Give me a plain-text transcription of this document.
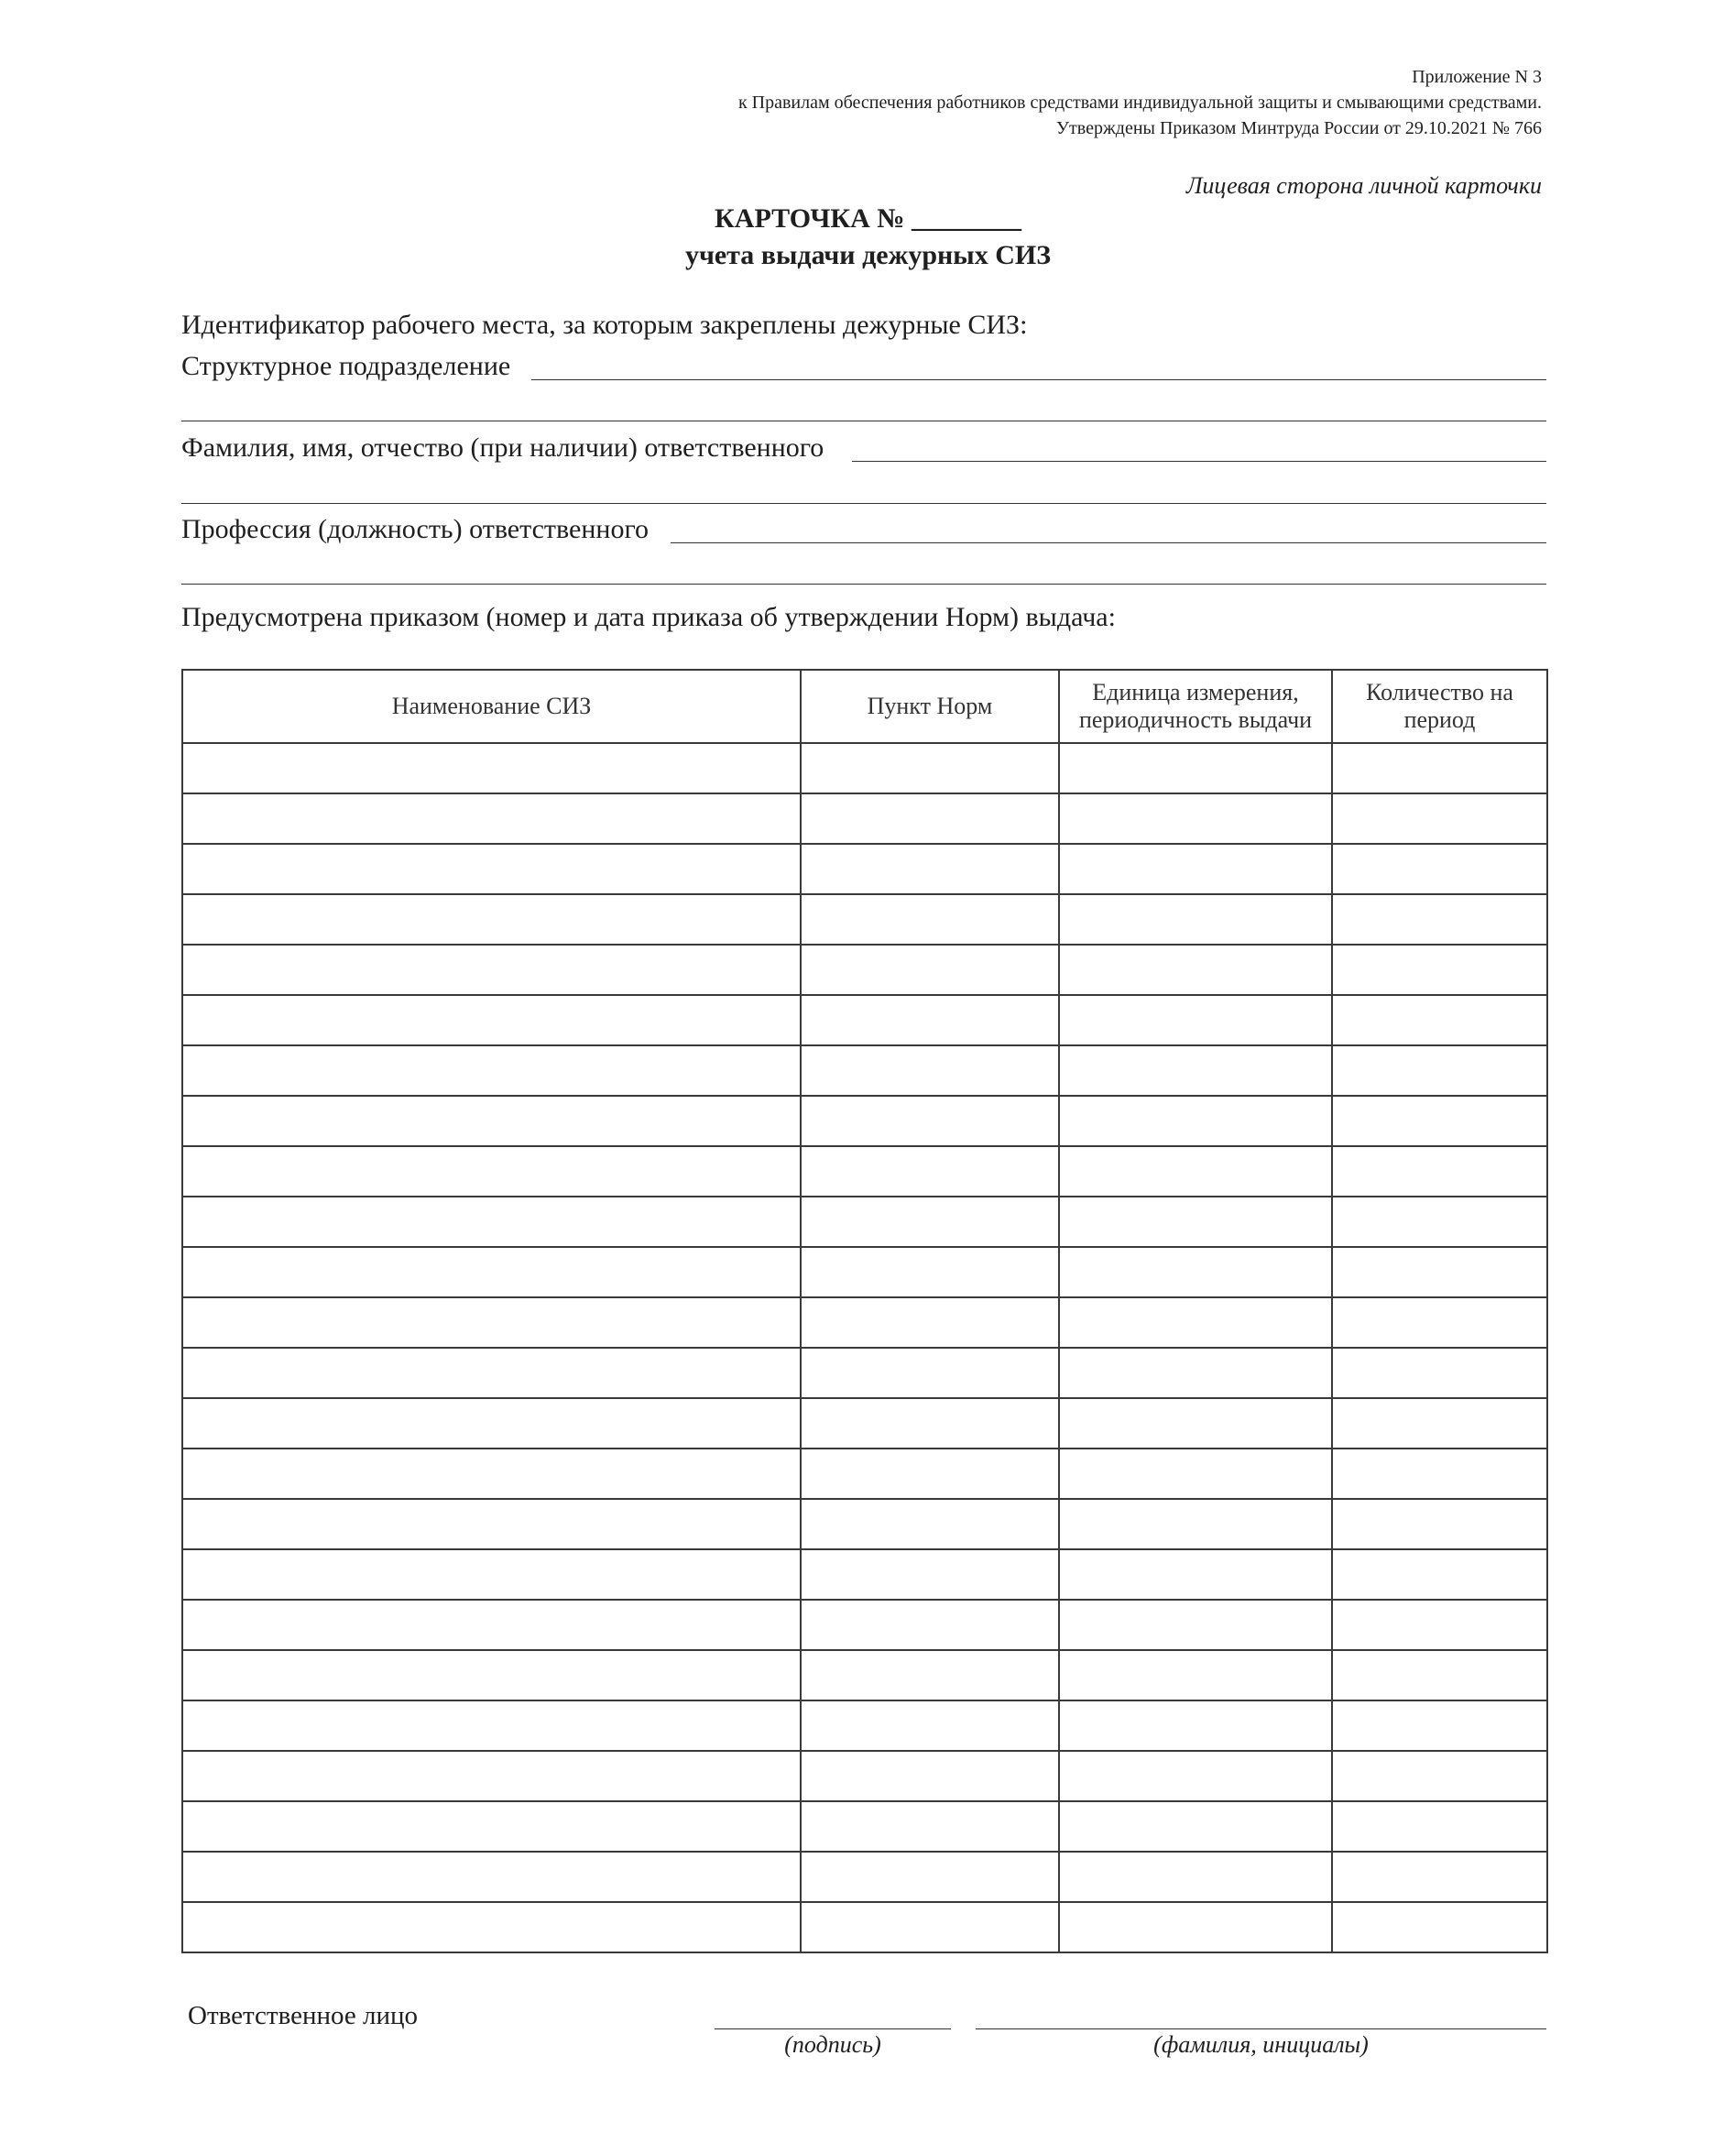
Приложение N 3
к Правилам обеспечения работников средствами индивидуальной защиты и смывающими средствами.
Утверждены Приказом Минтруда России от 29.10.2021 № 766
Лицевая сторона личной карточки
КАРТОЧКА № ________
учета выдачи дежурных СИЗ
Идентификатор рабочего места, за которым закреплены дежурные СИЗ:
Структурное подразделение
Фамилия, имя, отчество (при наличии) ответственного
Профессия (должность) ответственного
Предусмотрена приказом (номер и дата приказа об утверждении Норм) выдача:
Наименование СИЗ	Пункт Норм	Единица измерения, периодичность выдачи	Количество на период

Ответственное лицо
(подпись)	(фамилия, инициалы)
